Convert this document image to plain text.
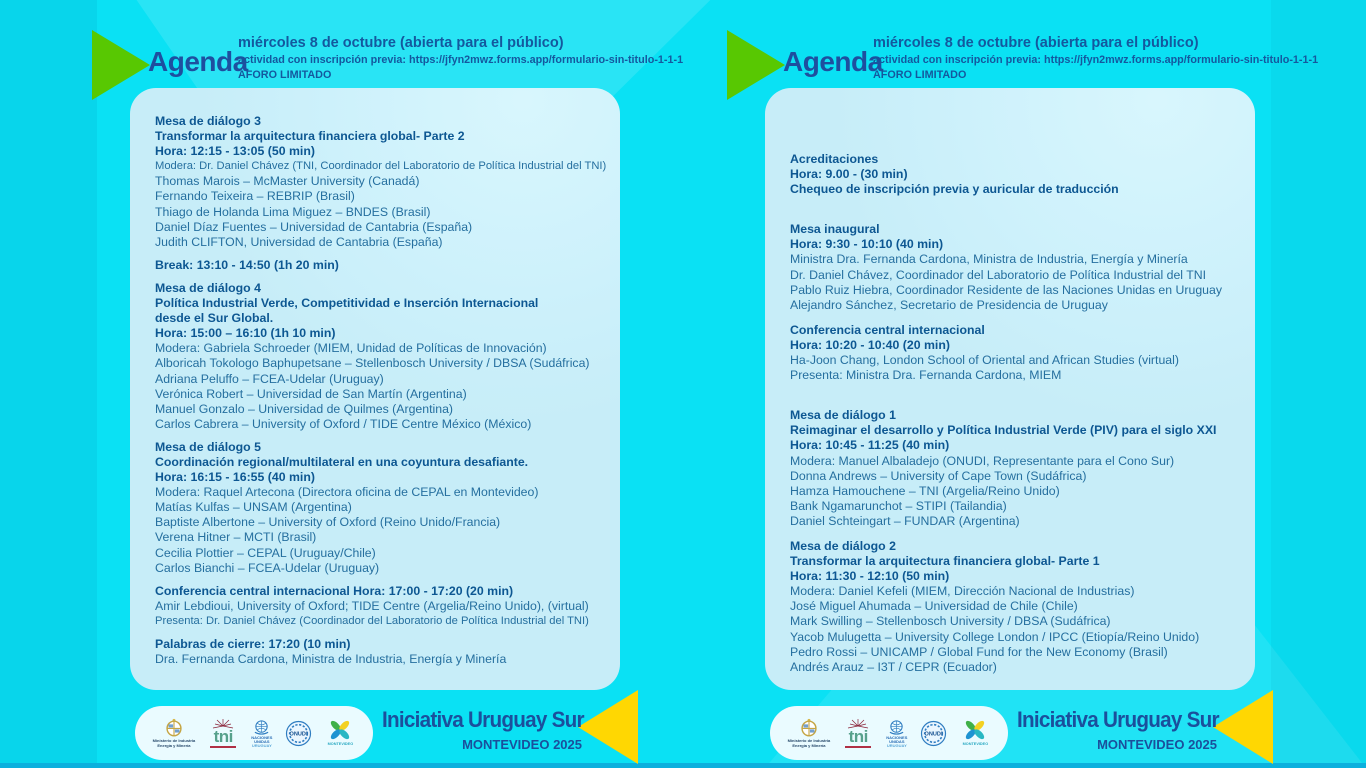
Agenda
miércoles 8 de octubre (abierta para el público)
actividad con inscripción previa: https://jfyn2mwz.forms.app/formulario-sin-titulo-1-1-1
AFORO LIMITADO
Mesa de diálogo 3
Transformar la arquitectura financiera global- Parte 2
Hora: 12:15 - 13:05 (50 min)
Modera: Dr. Daniel Chávez (TNI, Coordinador del Laboratorio de Política Industrial del TNI)
Thomas Marois – McMaster University (Canadá)
Fernando Teixeira – REBRIP (Brasil)
Thiago de Holanda Lima Miguez – BNDES (Brasil)
Daniel Díaz Fuentes – Universidad de Cantabria (España)
Judith CLIFTON, Universidad de Cantabria (España)
Break: 13:10 - 14:50 (1h 20 min)
Mesa de diálogo 4
Política Industrial Verde, Competitividad e Inserción Internacional
desde el Sur Global.
Hora: 15:00 – 16:10 (1h 10 min)
Modera: Gabriela Schroeder (MIEM, Unidad de Políticas de Innovación)
Alboricah Tokologo Baphupetsane – Stellenbosch University / DBSA (Sudáfrica)
Adriana Peluffo – FCEA-Udelar (Uruguay)
Verónica Robert – Universidad de San Martín (Argentina)
Manuel Gonzalo – Universidad de Quilmes (Argentina)
Carlos Cabrera – University of Oxford / TIDE Centre México (México)
Mesa de diálogo 5
Coordinación regional/multilateral en una coyuntura desafiante.
Hora: 16:15 - 16:55 (40 min)
Modera: Raquel Artecona (Directora oficina de CEPAL en Montevideo)
Matías Kulfas – UNSAM (Argentina)
Baptiste Albertone – University of Oxford (Reino Unido/Francia)
Verena Hitner – MCTI (Brasil)
Cecilia Plottier – CEPAL (Uruguay/Chile)
Carlos Bianchi – FCEA-Udelar (Uruguay)
Conferencia central internacional Hora: 17:00 - 17:20 (20 min)
Amir Lebdioui, University of Oxford; TIDE Centre (Argelia/Reino Unido), (virtual)
Presenta: Dr. Daniel Chávez (Coordinador del Laboratorio de Política Industrial del TNI)
Palabras de cierre: 17:20 (10 min)
Dra. Fernanda Cardona, Ministra de Industria, Energía y Minería
Ministerio de Industria
Energía y Minería tni	NACIONES
UNIDAS
URUGUAY
ONUDI
MONTEVIDEO
Iniciativa Uruguay Sur
MONTEVIDEO 2025
Agenda
miércoles 8 de octubre (abierta para el público)
actividad con inscripción previa: https://jfyn2mwz.forms.app/formulario-sin-titulo-1-1-1
AFORO LIMITADO
Acreditaciones
Hora: 9.00 - (30 min)
Chequeo de inscripción previa y auricular de traducción
Mesa inaugural
Hora: 9:30 - 10:10 (40 min)
Ministra Dra. Fernanda Cardona, Ministra de Industria, Energía y Minería
Dr. Daniel Chávez, Coordinador del Laboratorio de Política Industrial del TNI
Pablo Ruiz Hiebra, Coordinador Residente de las Naciones Unidas en Uruguay
Alejandro Sánchez, Secretario de Presidencia de Uruguay
Conferencia central internacional
Hora: 10:20 - 10:40 (20 min)
Ha-Joon Chang, London School of Oriental and African Studies (virtual)
Presenta: Ministra Dra. Fernanda Cardona, MIEM
Mesa de diálogo 1
Reimaginar el desarrollo y Política Industrial Verde (PIV) para el siglo XXI
Hora: 10:45 - 11:25 (40 min)
Modera: Manuel Albaladejo (ONUDI, Representante para el Cono Sur)
Donna Andrews – University of Cape Town (Sudáfrica)
Hamza Hamouchene – TNI (Argelia/Reino Unido)
Bank Ngamarunchot – STIPI (Tailandia)
Daniel Schteingart – FUNDAR (Argentina)
Mesa de diálogo 2
Transformar la arquitectura financiera global- Parte 1
Hora: 11:30 - 12:10 (50 min)
Modera: Daniel Kefeli (MIEM, Dirección Nacional de Industrias)
José Miguel Ahumada – Universidad de Chile (Chile)
Mark Swilling – Stellenbosch University / DBSA (Sudáfrica)
Yacob Mulugetta – University College London / IPCC (Etiopía/Reino Unido)
Pedro Rossi – UNICAMP / Global Fund for the New Economy (Brasil)
Andrés Arauz – I3T / CEPR (Ecuador)
Ministerio de Industria
Energía y Minería tni	NACIONES
UNIDAS
URUGUAY
ONUDI
MONTEVIDEO
Iniciativa Uruguay Sur
MONTEVIDEO 2025
